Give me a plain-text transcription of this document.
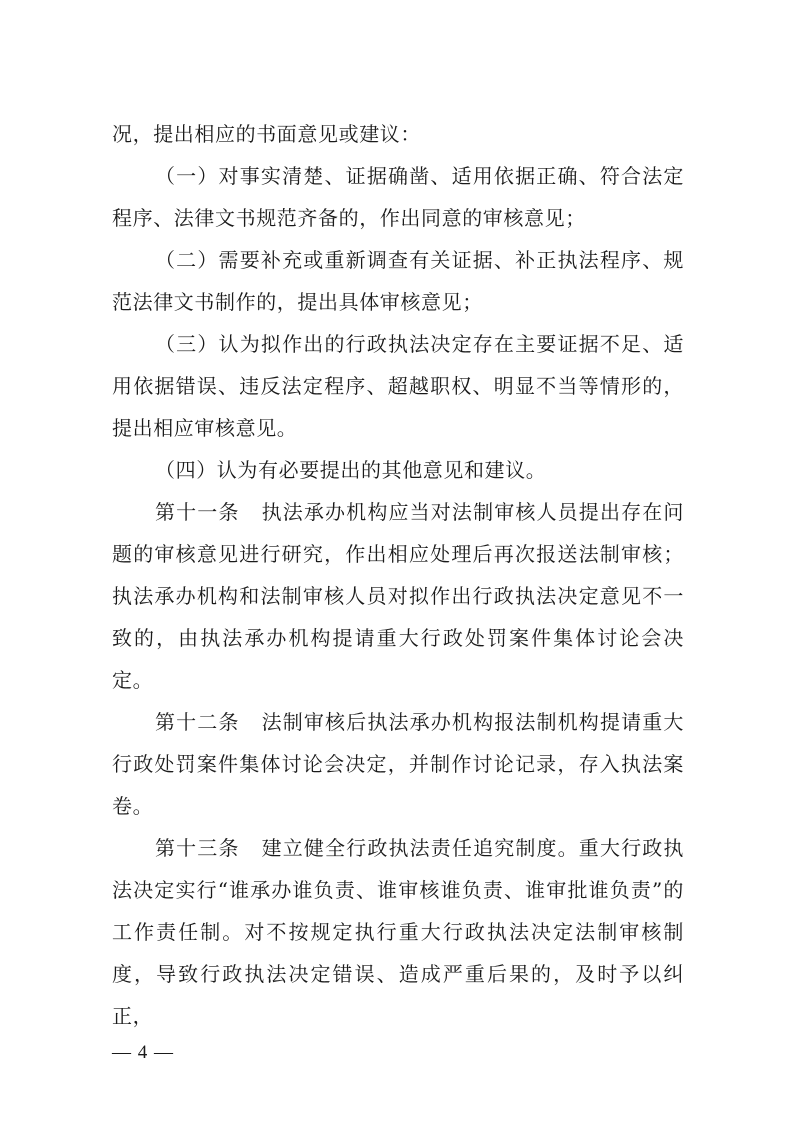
况，提出相应的书面意见或建议：

（一）对事实清楚、证据确凿、适用依据正确、符合法定程序、法律文书规范齐备的，作出同意的审核意见；

（二）需要补充或重新调查有关证据、补正执法程序、规范法律文书制作的，提出具体审核意见；

（三）认为拟作出的行政执法决定存在主要证据不足、适用依据错误、违反法定程序、超越职权、明显不当等情形的，提出相应审核意见。

（四）认为有必要提出的其他意见和建议。

第十一条 执法承办机构应当对法制审核人员提出存在问题的审核意见进行研究，作出相应处理后再次报送法制审核；执法承办机构和法制审核人员对拟作出行政执法决定意见不一致的，由执法承办机构提请重大行政处罚案件集体讨论会决定。

第十二条 法制审核后执法承办机构报法制机构提请重大行政处罚案件集体讨论会决定，并制作讨论记录，存入执法案卷。

第十三条 建立健全行政执法责任追究制度。重大行政执法决定实行“谁承办谁负责、谁审核谁负责、谁审批谁负责”的工作责任制。对不按规定执行重大行政执法决定法制审核制度，导致行政执法决定错误、造成严重后果的，及时予以纠正，

— 4 —
